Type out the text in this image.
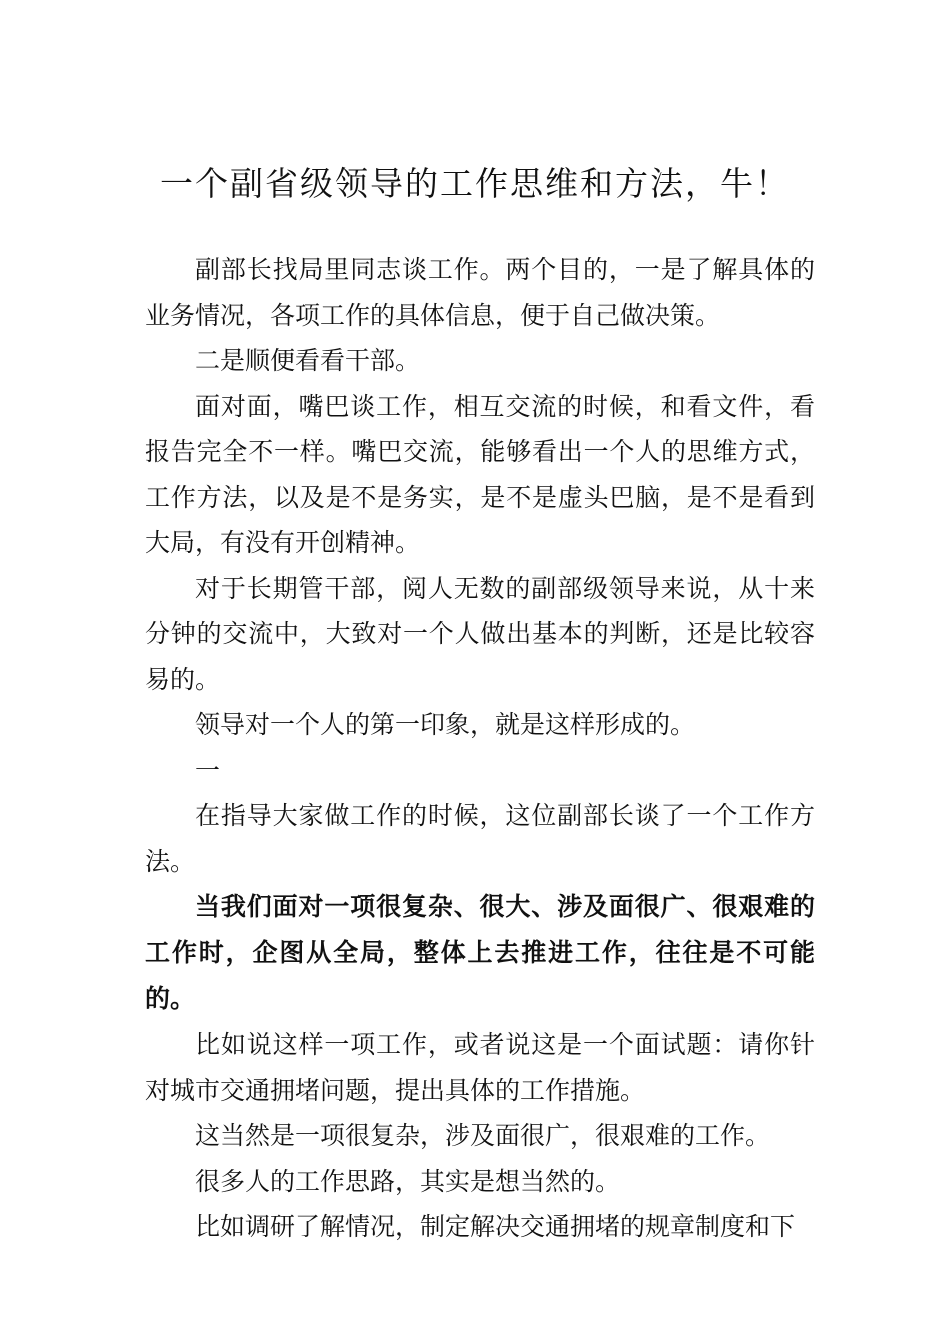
一个副省级领导的工作思维和方法，牛！

副部长找局里同志谈工作。两个目的，一是了解具体的业务情况，各项工作的具体信息，便于自己做决策。

二是顺便看看干部。

面对面，嘴巴谈工作，相互交流的时候，和看文件，看报告完全不一样。嘴巴交流，能够看出一个人的思维方式， 工作方法，以及是不是务实，是不是虚头巴脑，是不是看到大局，有没有开创精神。

对于长期管干部，阅人无数的副部级领导来说，从十来分钟的交流中，大致对一个人做出基本的判断，还是比较容易的。

领导对一个人的第一印象，就是这样形成的。

一

在指导大家做工作的时候，这位副部长谈了一个工作方法。

当我们面对一项很复杂、很大、涉及面很广、很艰难的工作时，企图从全局，整体上去推进工作，往往是不可能的。

比如说这样一项工作，或者说这是一个面试题：请你针对城市交通拥堵问题，提出具体的工作措施。

这当然是一项很复杂，涉及面很广，很艰难的工作。

很多人的工作思路，其实是想当然的。

比如调研了解情况，制定解决交通拥堵的规章制度和下
